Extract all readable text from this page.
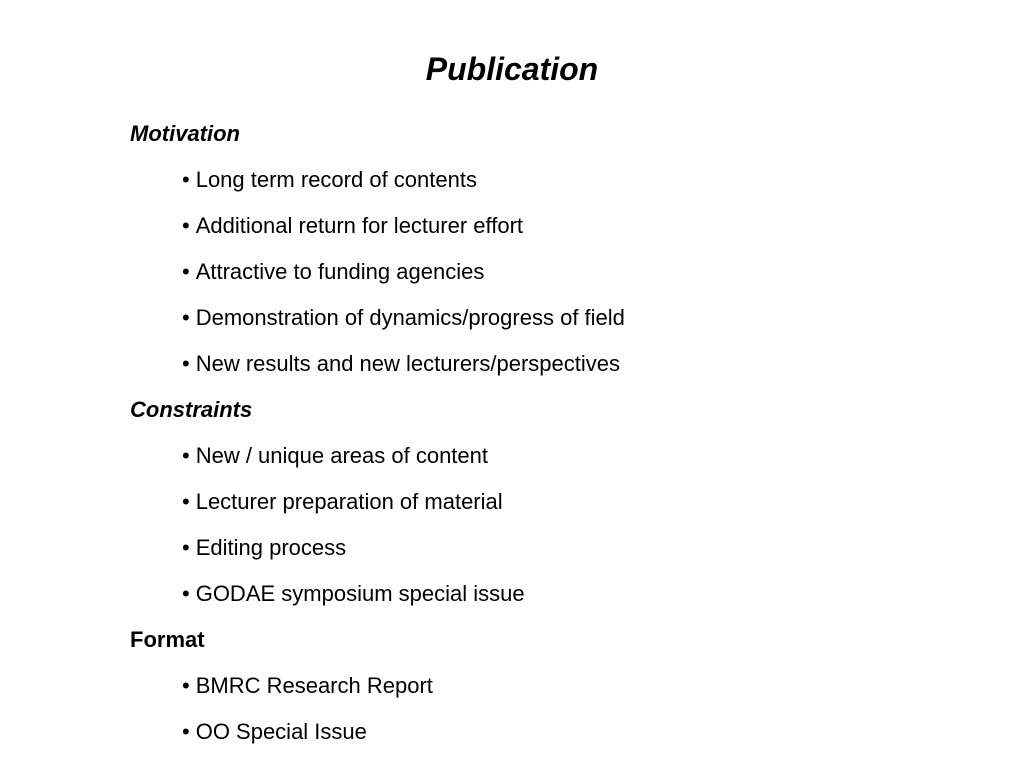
Publication
Motivation
• Long term record of contents
• Additional return for lecturer effort
• Attractive to funding agencies
• Demonstration of dynamics/progress of field
• New results and new lecturers/perspectives
Constraints
• New / unique areas of content
• Lecturer preparation of material
• Editing process
• GODAE symposium special issue
Format
• BMRC Research Report
• OO Special Issue
